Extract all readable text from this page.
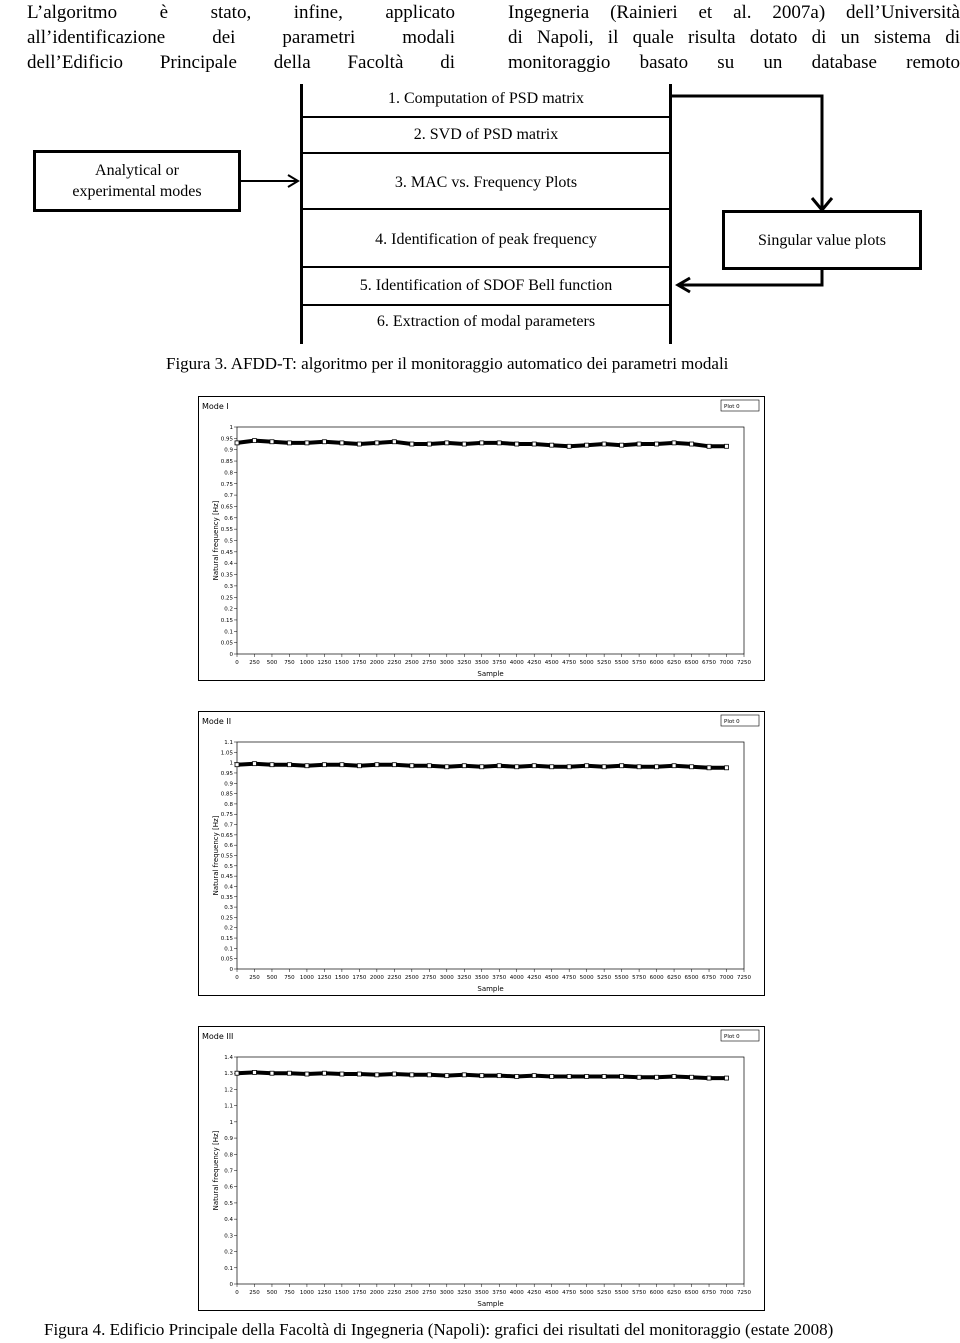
L’algoritmo è stato, infine, applicato
all’identificazione dei parametri modali
dell’Edificio Principale della Facoltà di
Ingegneria (Rainieri et al. 2007a) dell’Università
di Napoli, il quale risulta dotato di un sistema di
monitoraggio basato su un database remoto
Analytical or experimental modes
1. Computation of PSD matrix
2. SVD of PSD matrix
3. MAC vs. Frequency Plots
4. Identification of peak frequency
5. Identification of SDOF Bell function
6. Extraction of modal parameters
Singular value plots
Figura 3. AFDD-T: algoritmo per il monitoraggio automatico dei parametri modali
Mode I	Plot 0
0
0.05
0.1
0.15
0.2
0.25
0.3
0.35
0.4
0.45
0.5
0.55
0.6
0.65
0.7
0.75
0.8
0.85
0.9
0.95
1
0 250 500 750 1000 1250 1500 1750 2000 2250 2500 2750 3000 3250 3500 3750 4000 4250 4500 4750 5000 5250 5500 5750 6000 6250 6500 6750 7000 7250
Sample
Natural frequency [Hz]
Mode II	Plot 0
0
0.05
0.1
0.15
0.2
0.25
0.3
0.35
0.4
0.45
0.5
0.55
0.6
0.65
0.7
0.75
0.8
0.85
0.9
0.95
1
1.05
1.1
0 250 500 750 1000 1250 1500 1750 2000 2250 2500 2750 3000 3250 3500 3750 4000 4250 4500 4750 5000 5250 5500 5750 6000 6250 6500 6750 7000 7250
Sample
Natural frequency [Hz]
Mode III	Plot 0
0
0.1
0.2
0.3
0.4
0.5
0.6
0.7
0.8
0.9
1
1.1
1.2
1.3
1.4
0 250 500 750 1000 1250 1500 1750 2000 2250 2500 2750 3000 3250 3500 3750 4000 4250 4500 4750 5000 5250 5500 5750 6000 6250 6500 6750 7000 7250
Sample
Natural frequency [Hz]
Figura 4. Edificio Principale della Facoltà di Ingegneria (Napoli): grafici dei risultati del monitoraggio (estate 2008)
